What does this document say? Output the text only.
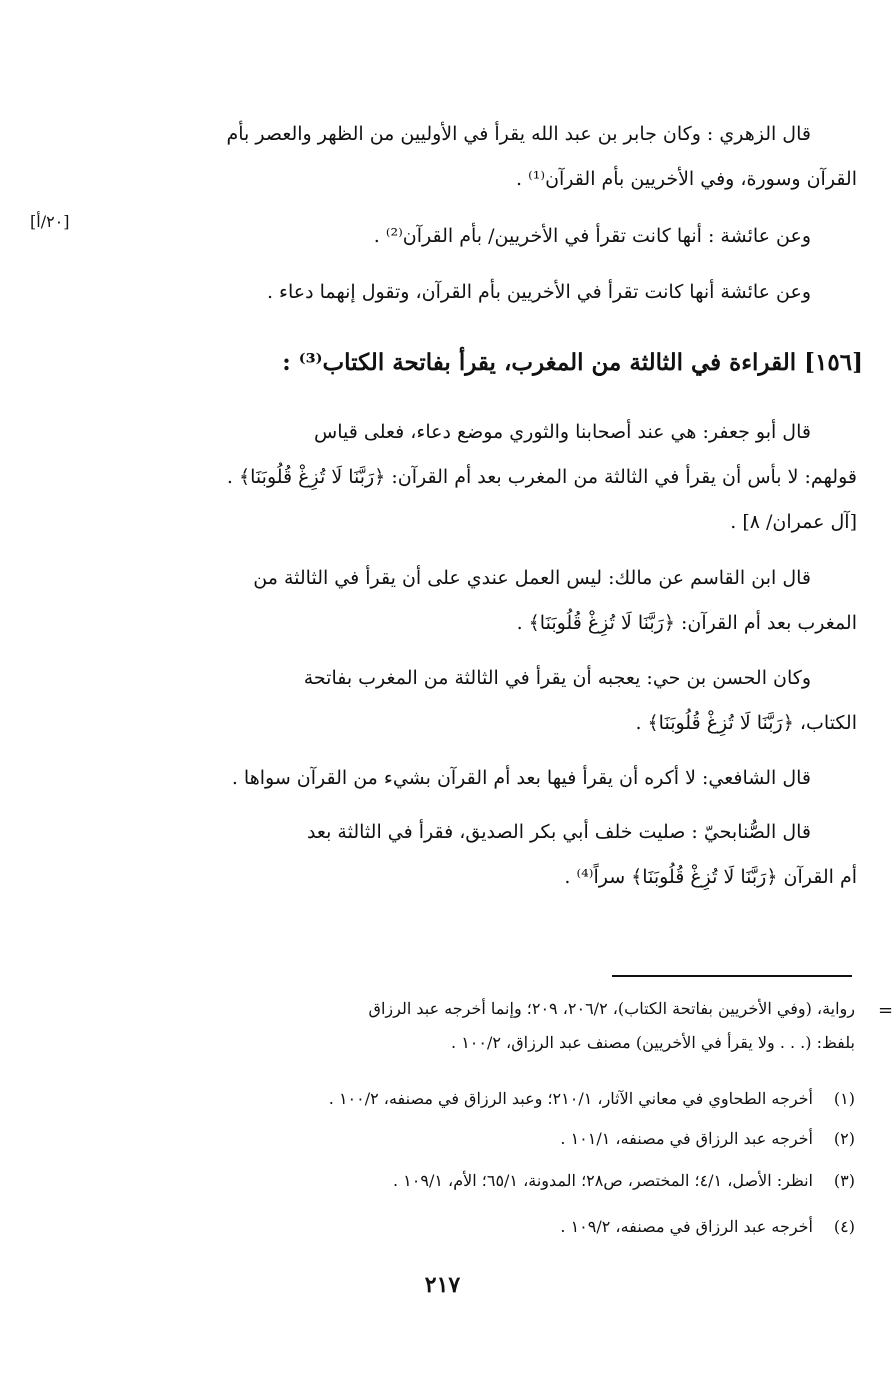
[٢٠/أ]
قال الزهري : وكان جابر بن عبد الله يقرأ في الأوليين من الظهر والعصر بأم
القرآن وسورة، وفي الأخريين بأم القرآن⁽¹⁾ .
وعن عائشة : أنها كانت تقرأ في الأخريين/ بأم القرآن⁽²⁾ .
وعن عائشة أنها كانت تقرأ في الأخريين بأم القرآن، وتقول إنهما دعاء .
[١٥٦] القراءة في الثالثة من المغرب، يقرأ بفاتحة الكتاب⁽³⁾ :
قال أبو جعفر: هي عند أصحابنا والثوري موضع دعاء، فعلى قياس
قولهم: لا بأس أن يقرأ في الثالثة من المغرب بعد أم القرآن: ﴿رَبَّنَا لَا تُزِغْ قُلُوبَنَا﴾ .
[آل عمران/ ٨] .
قال ابن القاسم عن مالك: ليس العمل عندي على أن يقرأ في الثالثة من
المغرب بعد أم القرآن: ﴿رَبَّنَا لَا تُزِغْ قُلُوبَنَا﴾ .
وكان الحسن بن حي: يعجبه أن يقرأ في الثالثة من المغرب بفاتحة
الكتاب، ﴿رَبَّنَا لَا تُزِغْ قُلُوبَنَا﴾ .
قال الشافعي: لا أكره أن يقرأ فيها بعد أم القرآن بشيء من القرآن سواها .
قال الصُّنابحيّ : صليت خلف أبي بكر الصديق، فقرأ في الثالثة بعد
أم القرآن ﴿رَبَّنَا لَا تُزِغْ قُلُوبَنَا﴾ سراً⁽⁴⁾ .
=
رواية، (وفي الأخريين بفاتحة الكتاب)، ٢٠٦/٢، ٢٠٩؛ وإنما أخرجه عبد الرزاق
بلفظ: (. . . ولا يقرأ في الأخريين) مصنف عبد الرزاق، ١٠٠/٢ .
(١)أخرجه الطحاوي في معاني الآثار، ٢١٠/١؛ وعبد الرزاق في مصنفه، ١٠٠/٢ .
(٢)أخرجه عبد الرزاق في مصنفه، ١٠١/١ .
(٣)انظر: الأصل، ٤/١؛ المختصر، ص٢٨؛ المدونة، ٦٥/١؛ الأم، ١٠٩/١ .
(٤)أخرجه عبد الرزاق في مصنفه، ١٠٩/٢ .
٢١٧
